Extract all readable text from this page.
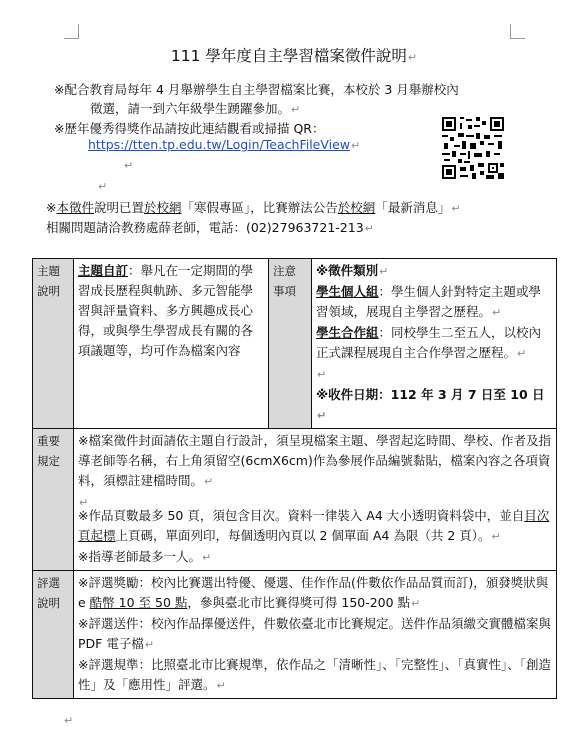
111 學年度自主學習檔案徵件說明↵
※配合教育局每年 4 月舉辦學生自主學習檔案比賽，本校於 3 月舉辦校內
徵選，請一到六年級學生踴躍參加。↵
※歷年優秀得獎作品請按此連結觀看或掃描 QR：
https://tten.tp.edu.tw/Login/TeachFileView↵
↵
↵
※本徵件說明已置於校網「寒假專區」，比賽辦法公告於校網「最新消息」↵
相關問題請洽教務處薛老師，電話：(02)27963721-213↵
主題說明	主題自訂：舉凡在一定期間的學習成長歷程與軌跡、多元智能學習與評量資料、多方興趣成長心得，或與學生學習成長有關的各項議題等，均可作為檔案內容	注意事項	※徵件類別↵
學生個人組：學生個人針對特定主題或學習領域，展現自主學習之歷程。↵
學生合作組：同校學生二至五人，以校內正式課程展現自主合作學習之歷程。↵
↵
※收件日期：112 年 3 月 7 日至 10 日↵

重要規定	※檔案徵件封面請依主題自行設計，須呈現檔案主題、學習起迄時間、學校、作者及指導老師等名稱，右上角須留空(6cmX6cm)作為參展作品編號黏貼，檔案內容之各項資料，須標註建檔時間。↵
↵
※作品頁數最多 50 頁，須包含目次。資料一律裝入 A4 大小透明資料袋中，並自目次頁起標上頁碼，單面列印，每個透明內頁以 2 個單面 A4 為限（共 2 頁）。↵
※指導老師最多一人。↵		

評選說明	※評選獎勵：校內比賽選出特優、優選、佳作作品(件數依作品品質而訂)，頒發獎狀與 e 酷幣 10 至 50 點，參與臺北市比賽得獎可得 150-200 點↵
※評選送件：校內作品擇優送件，件數依臺北市比賽規定。送件作品須繳交實體檔案與 PDF 電子檔↵
※評選規準：比照臺北市比賽規準，依作品之「清晰性」、「完整性」、「真實性」、「創造性」及「應用性」評選。↵		
↵
